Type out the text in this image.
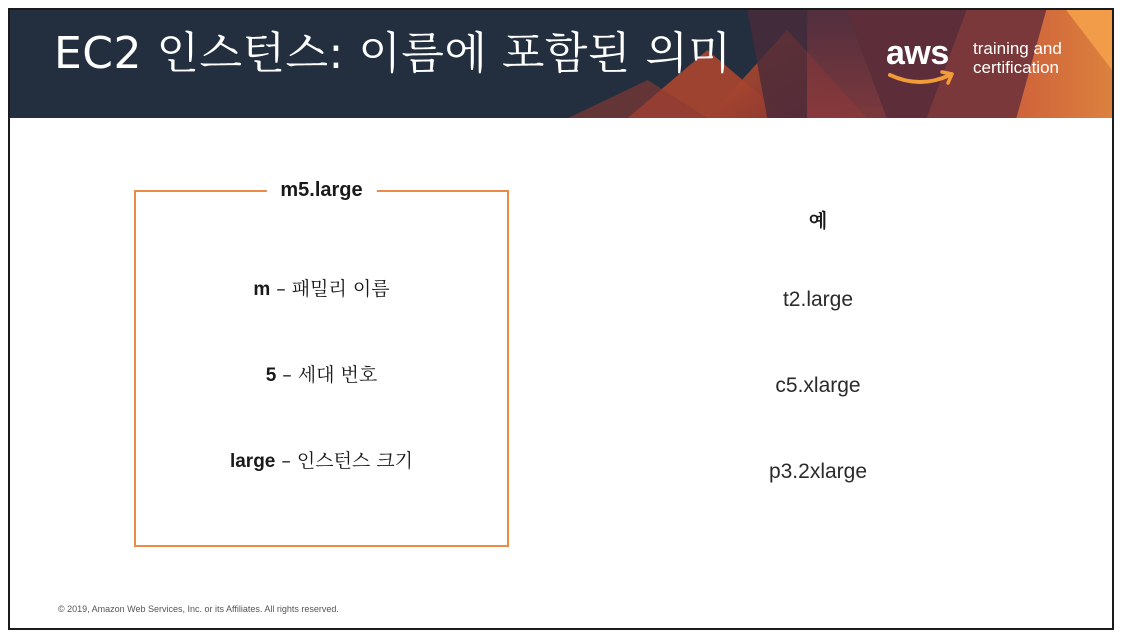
EC2 인스턴스: 이름에 포함된 의미	aws training and
certification
m5.large
m – 패밀리 이름
5 – 세대 번호
large – 인스턴스 크기
예
t2.large
c5.xlarge
p3.2xlarge
© 2019, Amazon Web Services, Inc. or its Affiliates. All rights reserved.
